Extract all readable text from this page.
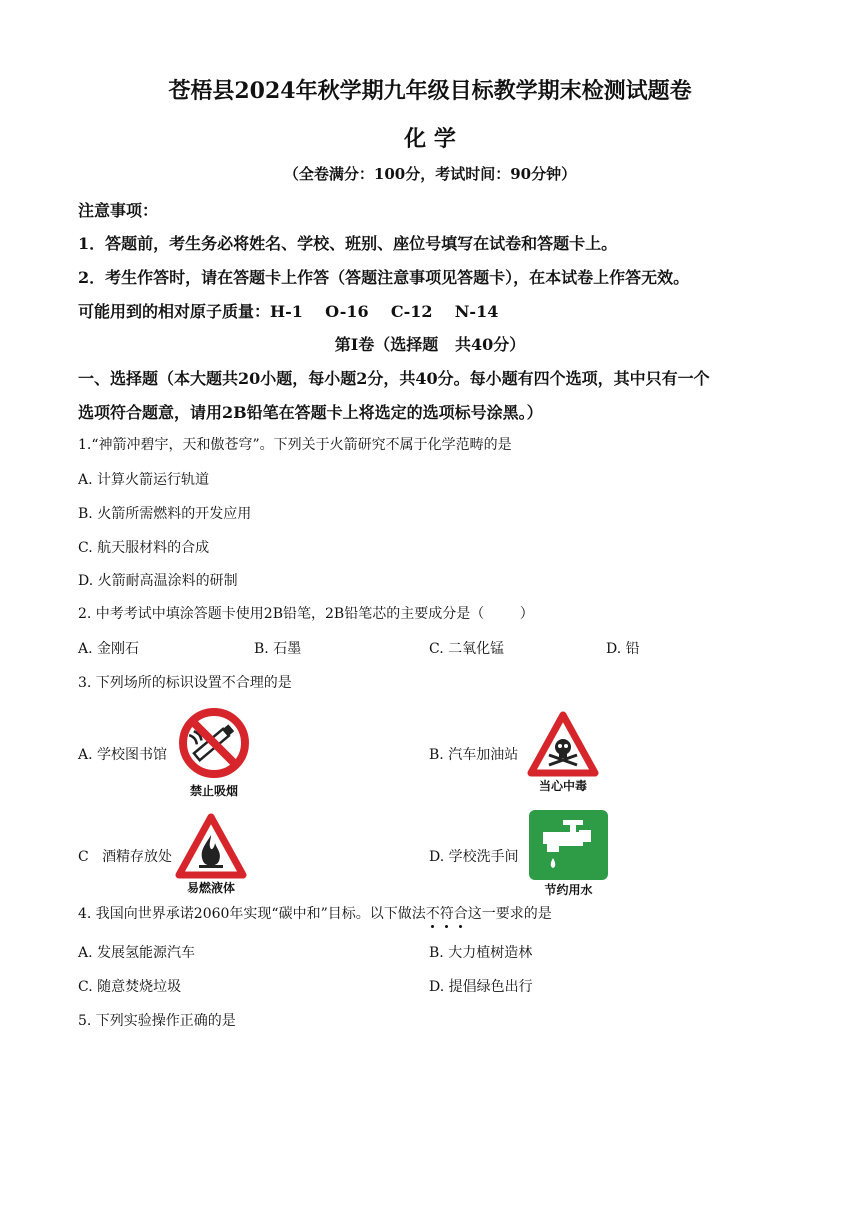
苍梧县2024年秋学期九年级目标教学期末检测试题卷
化 学
（全卷满分：100分，考试时间：90分钟）
注意事项：
1．答题前，考生务必将姓名、学校、班别、座位号填写在试卷和答题卡上。
2．考生作答时，请在答题卡上作答（答题注意事项见答题卡），在本试卷上作答无效。
可能用到的相对原子质量：H-1    O-16    C-12    N-14
第Ⅰ卷（选择题   共40分）
一、选择题（本大题共20小题，每小题2分，共40分。每小题有四个选项，其中只有一个
选项符合题意，请用2B铅笔在答题卡上将选定的选项标号涂黑。）
1.“神箭冲碧宇，天和傲苍穹”。下列关于火箭研究不属于化学范畴的是
A. 计算火箭运行轨道
B. 火箭所需燃料的开发应用
C. 航天服材料的合成
D. 火箭耐高温涂料的研制
2. 中考考试中填涂答题卡使用2B铅笔，2B铅笔芯的主要成分是（        ）
A. 金刚石	B. 石墨	C. 二氧化锰	D. 铅
3. 下列场所的标识设置不合理的是
A. 学校图书馆
禁止吸烟
B. 汽车加油站
当心中毒
C   酒精存放处
易燃液体
D. 学校洗手间
节约用水
4. 我国向世界承诺2060年实现“碳中和”目标。以下做法不符合
这一要求的是
A. 发展氢能源汽车	B. 大力植树造林
C. 随意焚烧垃圾	D. 提倡绿色出行
5. 下列实验操作正确的是
